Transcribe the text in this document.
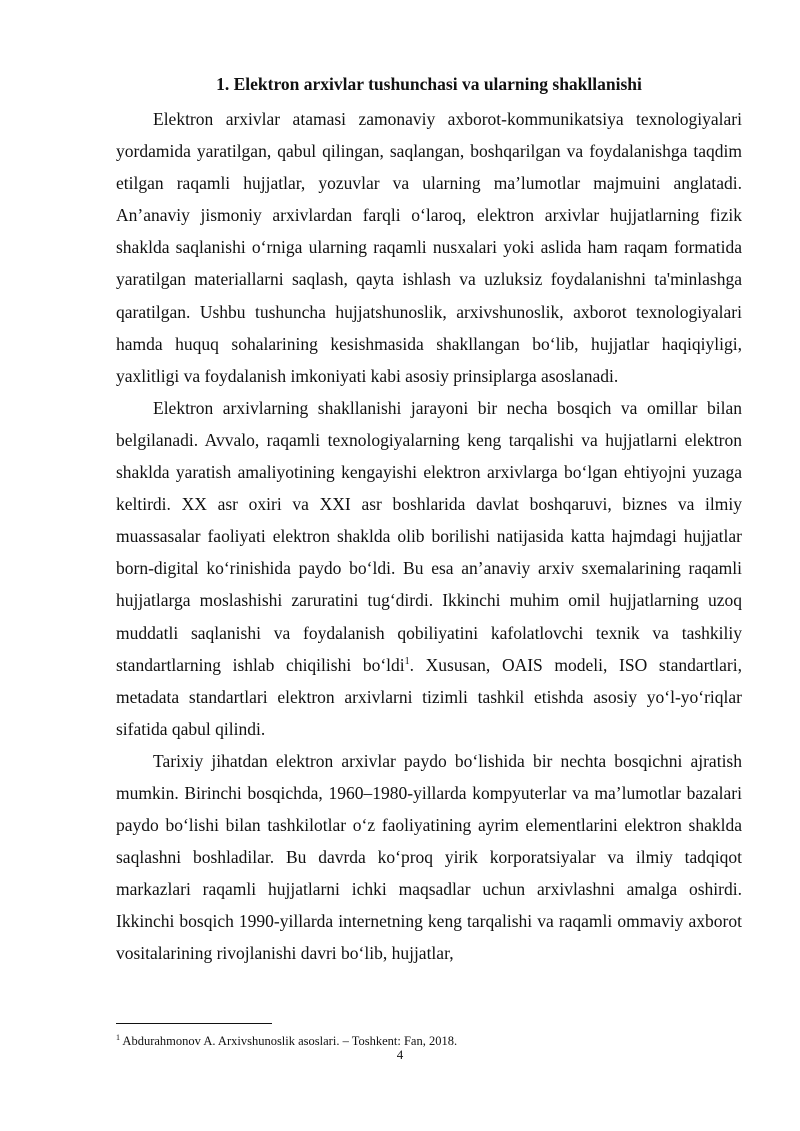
1. Elektron arxivlar tushunchasi va ularning shakllanishi

Elektron arxivlar atamasi zamonaviy axborot-kommunikatsiya texnologiyalari yordamida yaratilgan, qabul qilingan, saqlangan, boshqarilgan va foydalanishga taqdim etilgan raqamli hujjatlar, yozuvlar va ularning maʼlumotlar majmuini anglatadi. Anʼanaviy jismoniy arxivlardan farqli oʻlaroq, elektron arxivlar hujjatlarning fizik shaklda saqlanishi oʻrniga ularning raqamli nusxalari yoki aslida ham raqam formatida yaratilgan materiallarni saqlash, qayta ishlash va uzluksiz foydalanishni ta'minlashga qaratilgan. Ushbu tushuncha hujjatshunoslik, arxivshunoslik, axborot texnologiyalari hamda huquq sohalarining kesishmasida shakllangan boʻlib, hujjatlar haqiqiyligi, yaxlitligi va foydalanish imkoniyati kabi asosiy prinsiplarga asoslanadi.

Elektron arxivlarning shakllanishi jarayoni bir necha bosqich va omillar bilan belgilanadi. Avvalo, raqamli texnologiyalarning keng tarqalishi va hujjatlarni elektron shaklda yaratish amaliyotining kengayishi elektron arxivlarga boʻlgan ehtiyojni yuzaga keltirdi. XX asr oxiri va XXI asr boshlarida davlat boshqaruvi, biznes va ilmiy muassasalar faoliyati elektron shaklda olib borilishi natijasida katta hajmdagi hujjatlar born-digital koʻrinishida paydo boʻldi. Bu esa anʼanaviy arxiv sxemalarining raqamli hujjatlarga moslashishi zaruratini tugʻdirdi. Ikkinchi muhim omil hujjatlarning uzoq muddatli saqlanishi va foydalanish qobiliyatini kafolatlovchi texnik va tashkiliy standartlarning ishlab chiqilishi boʻldi$^1$. Xususan, OAIS modeli, ISO standartlari, metadata standartlari elektron arxivlarni tizimli tashkil etishda asosiy yoʻl-yoʻriqlar sifatida qabul qilindi.

Tarixiy jihatdan elektron arxivlar paydo boʻlishida bir nechta bosqichni ajratish mumkin. Birinchi bosqichda, 1960–1980-yillarda kompyuterlar va maʼlumotlar bazalari paydo boʻlishi bilan tashkilotlar oʻz faoliyatining ayrim elementlarini elektron shaklda saqlashni boshladilar. Bu davrda koʻproq yirik korporatsiyalar va ilmiy tadqiqot markazlari raqamli hujjatlarni ichki maqsadlar uchun arxivlashni amalga oshirdi. Ikkinchi bosqich 1990-yillarda internetning keng tarqalishi va raqamli ommaviy axborot vositalarining rivojlanishi davri boʻlib, hujjatlar,

$^1$ Abdurahmonov A. Arxivshunoslik asoslari. – Toshkent: Fan, 2018.

4
